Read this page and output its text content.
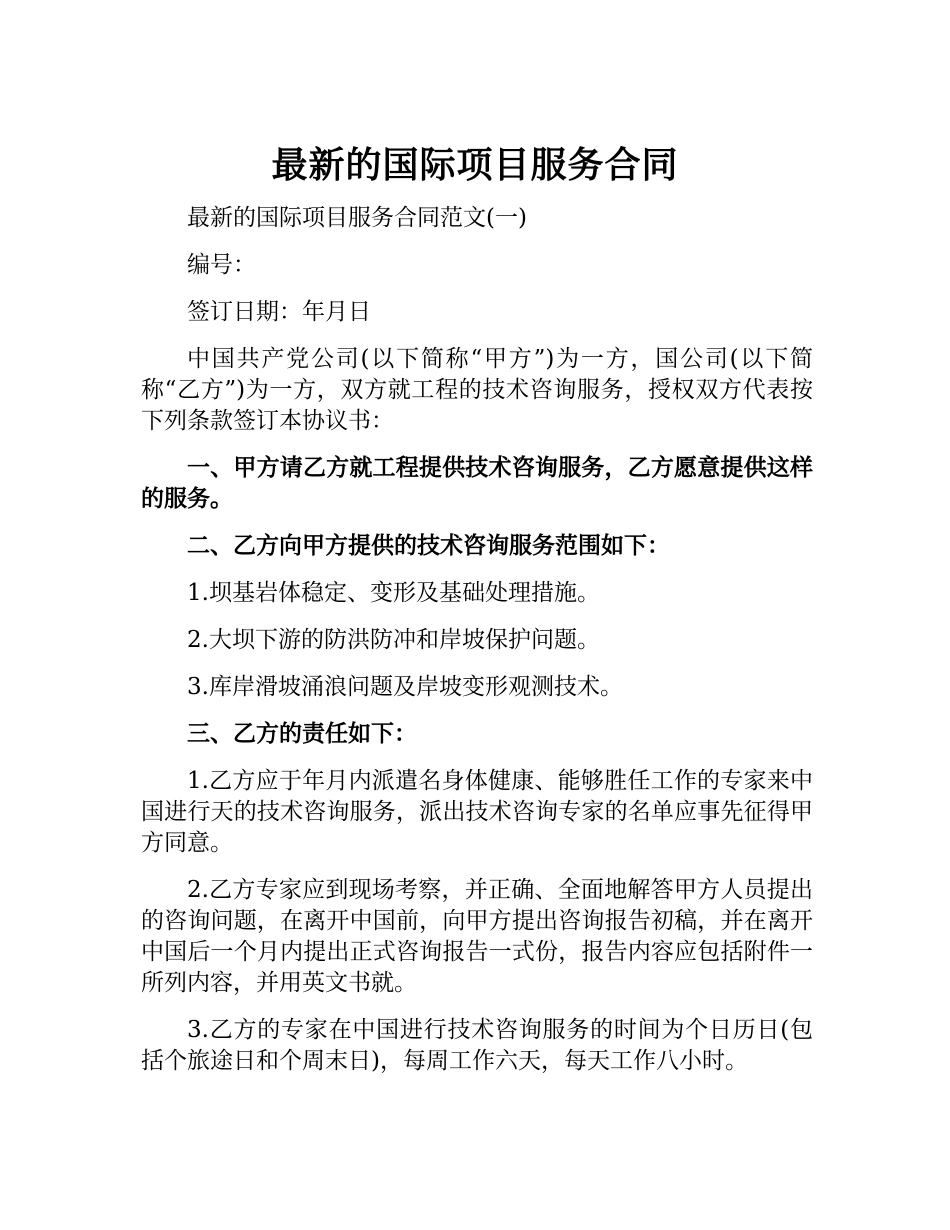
最新的国际项目服务合同

最新的国际项目服务合同范文(一)

编号：

签订日期：年月日

中国共产党公司(以下简称“甲方”)为一方，国公司(以下简称“乙方”)为一方，双方就工程的技术咨询服务，授权双方代表按下列条款签订本协议书：

一、甲方请乙方就工程提供技术咨询服务，乙方愿意提供这样的服务。

二、乙方向甲方提供的技术咨询服务范围如下：

1.坝基岩体稳定、变形及基础处理措施。

2.大坝下游的防洪防冲和岸坡保护问题。

3.库岸滑坡涌浪问题及岸坡变形观测技术。

三、乙方的责任如下：

1.乙方应于年月内派遣名身体健康、能够胜任工作的专家来中国进行天的技术咨询服务，派出技术咨询专家的名单应事先征得甲方同意。

2.乙方专家应到现场考察，并正确、全面地解答甲方人员提出的咨询问题，在离开中国前，向甲方提出咨询报告初稿，并在离开中国后一个月内提出正式咨询报告一式份，报告内容应包括附件一所列内容，并用英文书就。

3.乙方的专家在中国进行技术咨询服务的时间为个日历日(包括个旅途日和个周末日)，每周工作六天，每天工作八小时。
